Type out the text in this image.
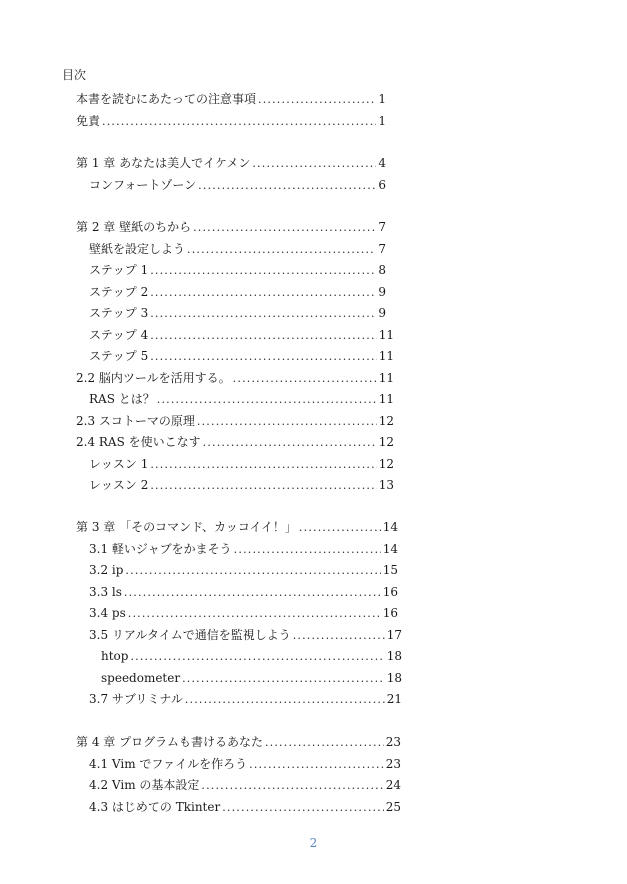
目次
本書を読むにあたっての注意事項 .....	1
免責 .....	1
第 1 章 あなたは美人でイケメン .....	4
コンフォートゾーン .....	6
第 2 章 壁紙のちから .....	7
壁紙を設定しよう .....	7
ステップ 1 .....	8
ステップ 2 .....	9
ステップ 3 .....	9
ステップ 4 .....	11
ステップ 5 .....	11
2.2 脳内ツールを活用する。 .....	11
RAS とは？ .....	11
2.3 スコトーマの原理 .....	12
2.4 RAS を使いこなす .....	12
レッスン 1 .....	12
レッスン 2 .....	13
第 3 章 「そのコマンド、カッコイイ！」 .....	14
3.1 軽いジャブをかまそう .....	14
3.2 ip .....	15
3.3 ls .....	16
3.4 ps .....	16
3.5 リアルタイムで通信を監視しよう .....	17
htop .....	18
speedometer .....	18
3.7 サブリミナル .....	21
第 4 章 プログラムも書けるあなた .....	23
4.1 Vim でファイルを作ろう .....	23
4.2 Vim の基本設定 .....	24
4.3 はじめての Tkinter .....	25
2
